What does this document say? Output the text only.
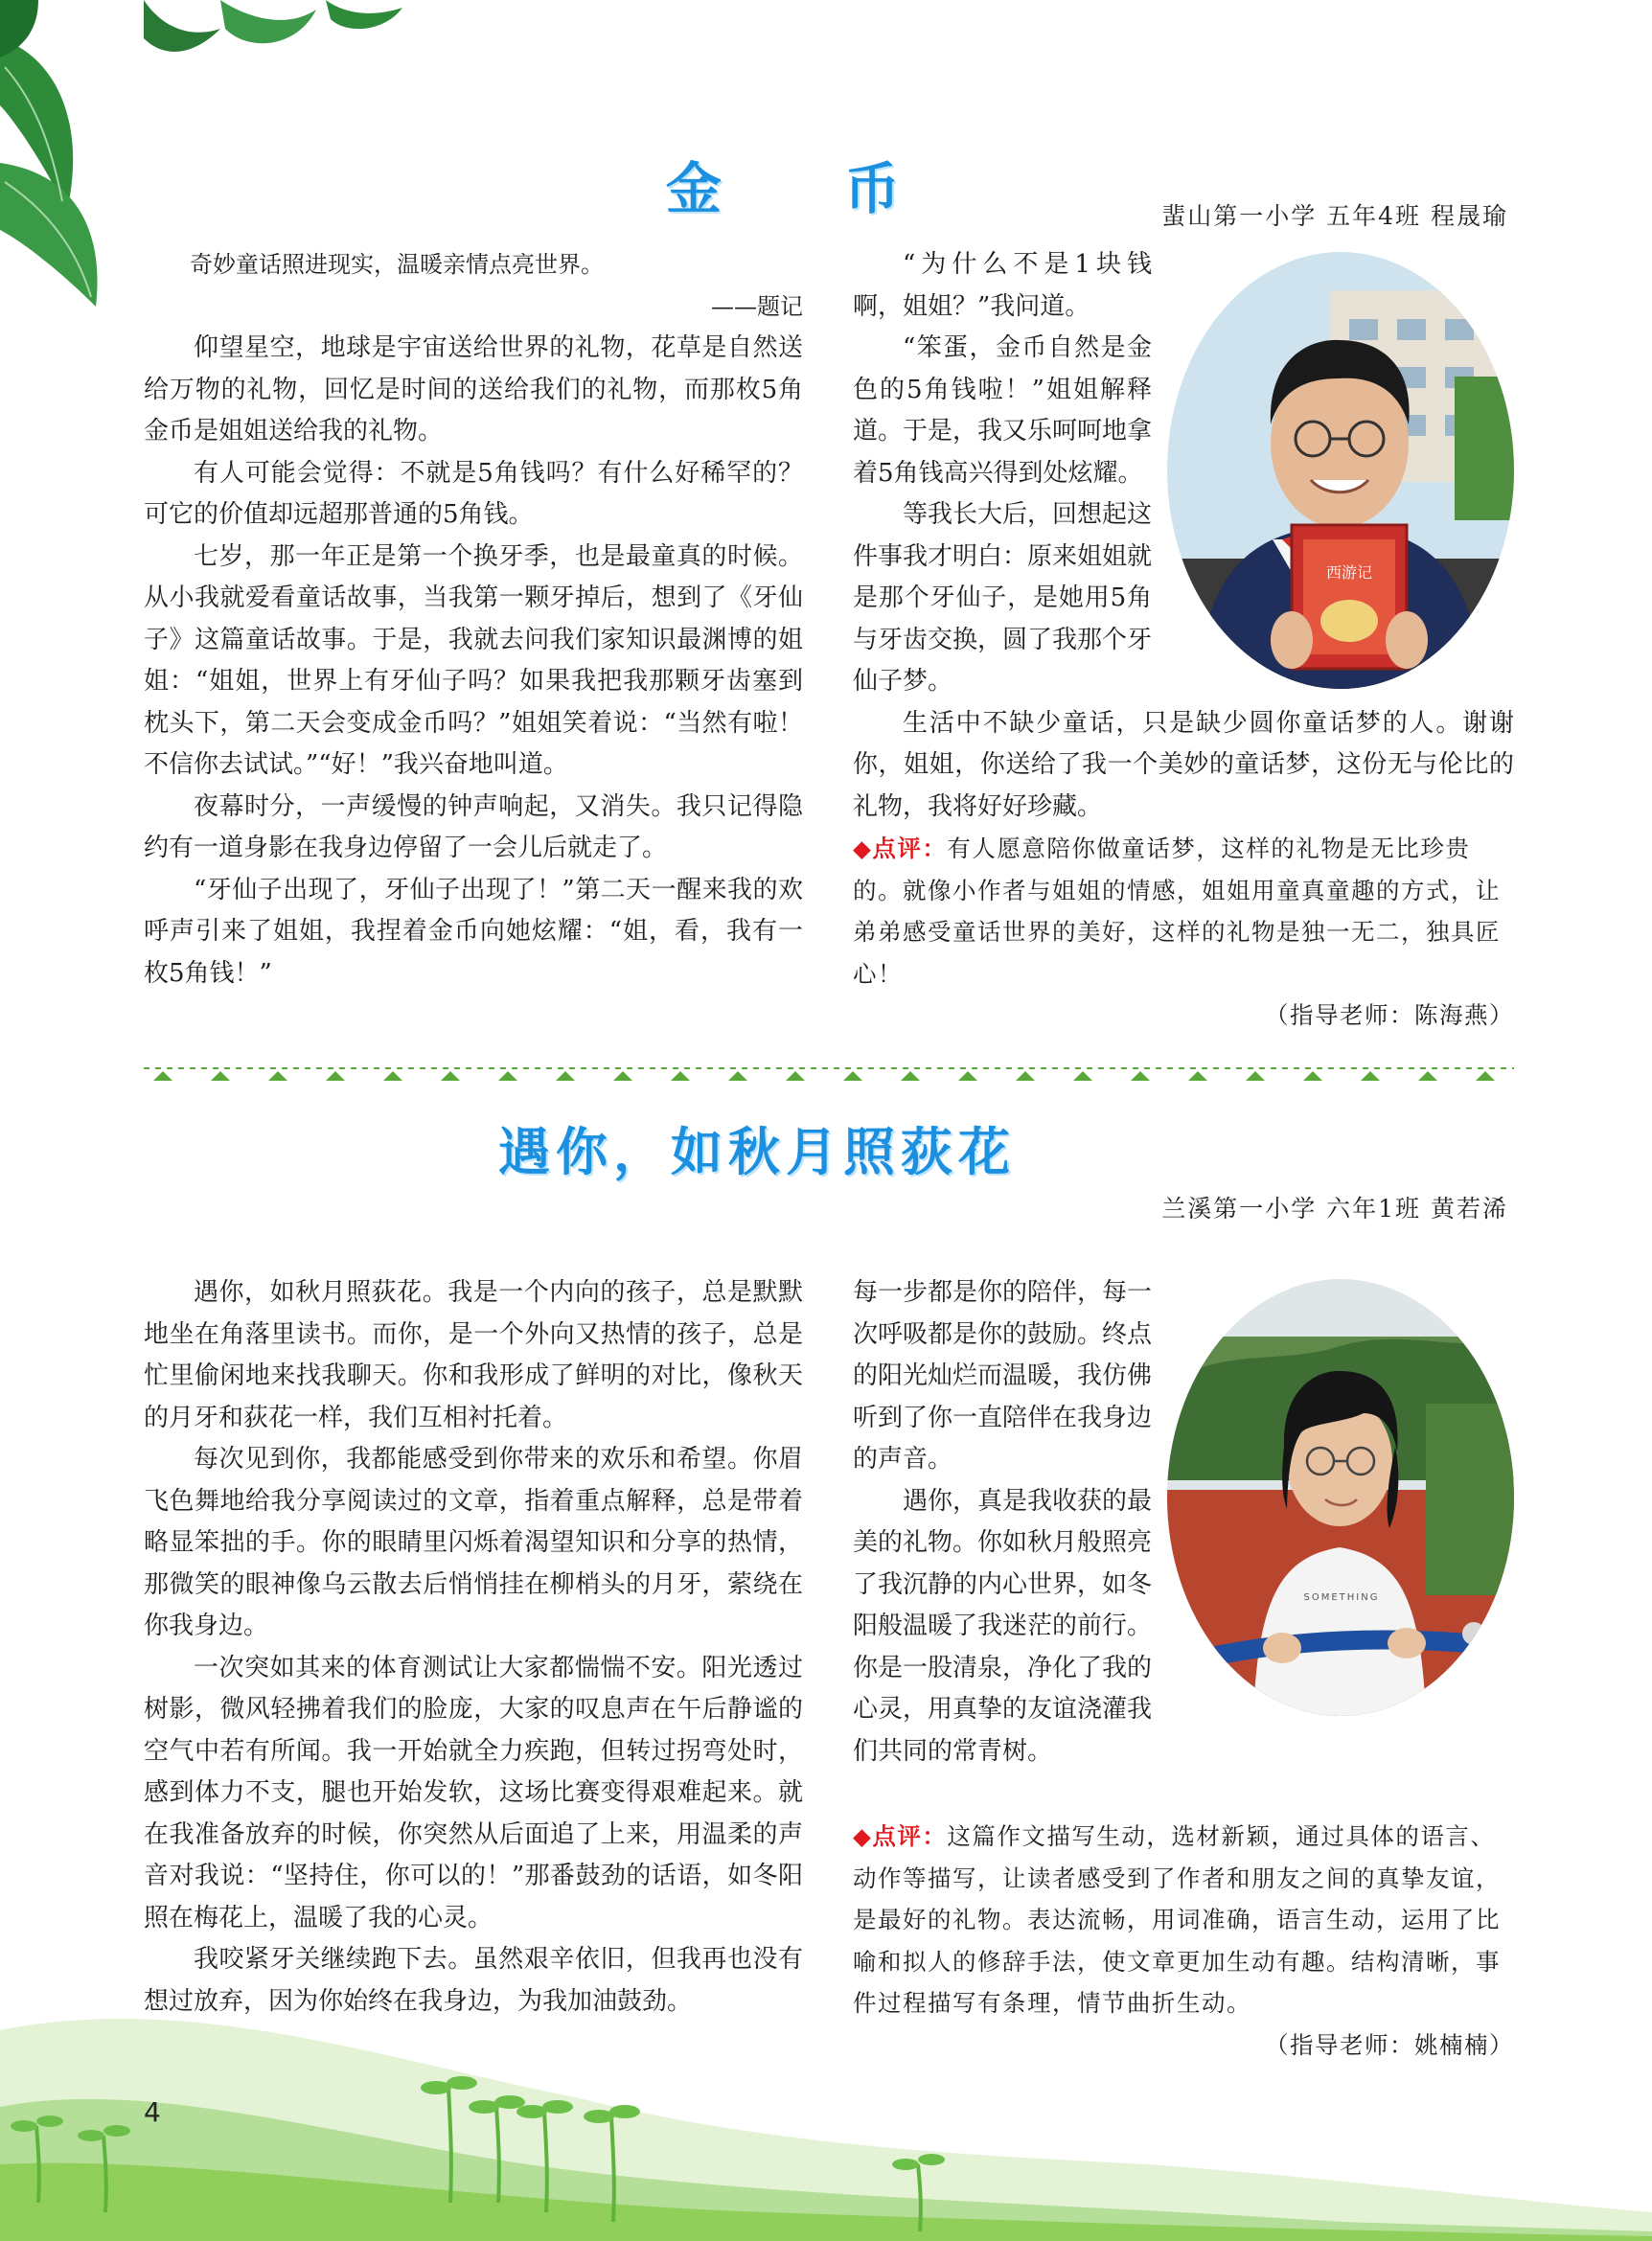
金 币	蜚山第一小学 五年4班 程晟瑜

奇妙童话照进现实，温暖亲情点亮世界。

——题记

仰望星空，地球是宇宙送给世界的礼物，花草是自然送给万物的礼物，回忆是时间的送给我们的礼物，而那枚5角金币是姐姐送给我的礼物。

有人可能会觉得：不就是5角钱吗？有什么好稀罕的？可它的价值却远超那普通的5角钱。

七岁，那一年正是第一个换牙季，也是最童真的时候。从小我就爱看童话故事，当我第一颗牙掉后，想到了《牙仙子》这篇童话故事。于是，我就去问我们家知识最渊博的姐姐：“姐姐，世界上有牙仙子吗？如果我把我那颗牙齿塞到枕头下，第二天会变成金币吗？”姐姐笑着说：“当然有啦！不信你去试试。”“好！”我兴奋地叫道。

夜幕时分，一声缓慢的钟声响起，又消失。我只记得隐约有一道身影在我身边停留了一会儿后就走了。

“牙仙子出现了，牙仙子出现了！”第二天一醒来我的欢呼声引来了姐姐，我捏着金币向她炫耀：“姐，看，我有一枚5角钱！”

“为什么不是1块钱啊，姐姐？”我问道。

“笨蛋，金币自然是金色的5角钱啦！”姐姐解释道。于是，我又乐呵呵地拿着5角钱高兴得到处炫耀。

等我长大后，回想起这件事我才明白：原来姐姐就是那个牙仙子，是她用5角与牙齿交换，圆了我那个牙仙子梦。

生活中不缺少童话，只是缺少圆你童话梦的人。谢谢你，姐姐，你送给了我一个美妙的童话梦，这份无与伦比的礼物，我将好好珍藏。

◆点评：有人愿意陪你做童话梦，这样的礼物是无比珍贵的。就像小作者与姐姐的情感，姐姐用童真童趣的方式，让弟弟感受童话世界的美好，这样的礼物是独一无二，独具匠心！
（指导老师：陈海燕）
西游记
遇你，如秋月照荻花
兰溪第一小学 六年1班 黄若浠

遇你，如秋月照荻花。我是一个内向的孩子，总是默默地坐在角落里读书。而你，是一个外向又热情的孩子，总是忙里偷闲地来找我聊天。你和我形成了鲜明的对比，像秋天的月牙和荻花一样，我们互相衬托着。

每次见到你，我都能感受到你带来的欢乐和希望。你眉飞色舞地给我分享阅读过的文章，指着重点解释，总是带着略显笨拙的手。你的眼睛里闪烁着渴望知识和分享的热情，那微笑的眼神像乌云散去后悄悄挂在柳梢头的月牙，萦绕在你我身边。

一次突如其来的体育测试让大家都惴惴不安。阳光透过树影，微风轻拂着我们的脸庞，大家的叹息声在午后静谧的空气中若有所闻。我一开始就全力疾跑，但转过拐弯处时，感到体力不支，腿也开始发软，这场比赛变得艰难起来。就在我准备放弃的时候，你突然从后面追了上来，用温柔的声音对我说：“坚持住，你可以的！”那番鼓劲的话语，如冬阳照在梅花上，温暖了我的心灵。

我咬紧牙关继续跑下去。虽然艰辛依旧，但我再也没有想过放弃，因为你始终在我身边，为我加油鼓劲。

每一步都是你的陪伴，每一次呼吸都是你的鼓励。终点的阳光灿烂而温暖，我仿佛听到了你一直陪伴在我身边的声音。

遇你，真是我收获的最美的礼物。你如秋月般照亮了我沉静的内心世界，如冬阳般温暖了我迷茫的前行。你是一股清泉，净化了我的心灵，用真挚的友谊浇灌我们共同的常青树。

◆点评：这篇作文描写生动，选材新颖，通过具体的语言、动作等描写，让读者感受到了作者和朋友之间的真挚友谊，是最好的礼物。表达流畅，用词准确，语言生动，运用了比喻和拟人的修辞手法，使文章更加生动有趣。结构清晰，事件过程描写有条理，情节曲折生动。
（指导老师：姚楠楠）
SOMETHING
4
